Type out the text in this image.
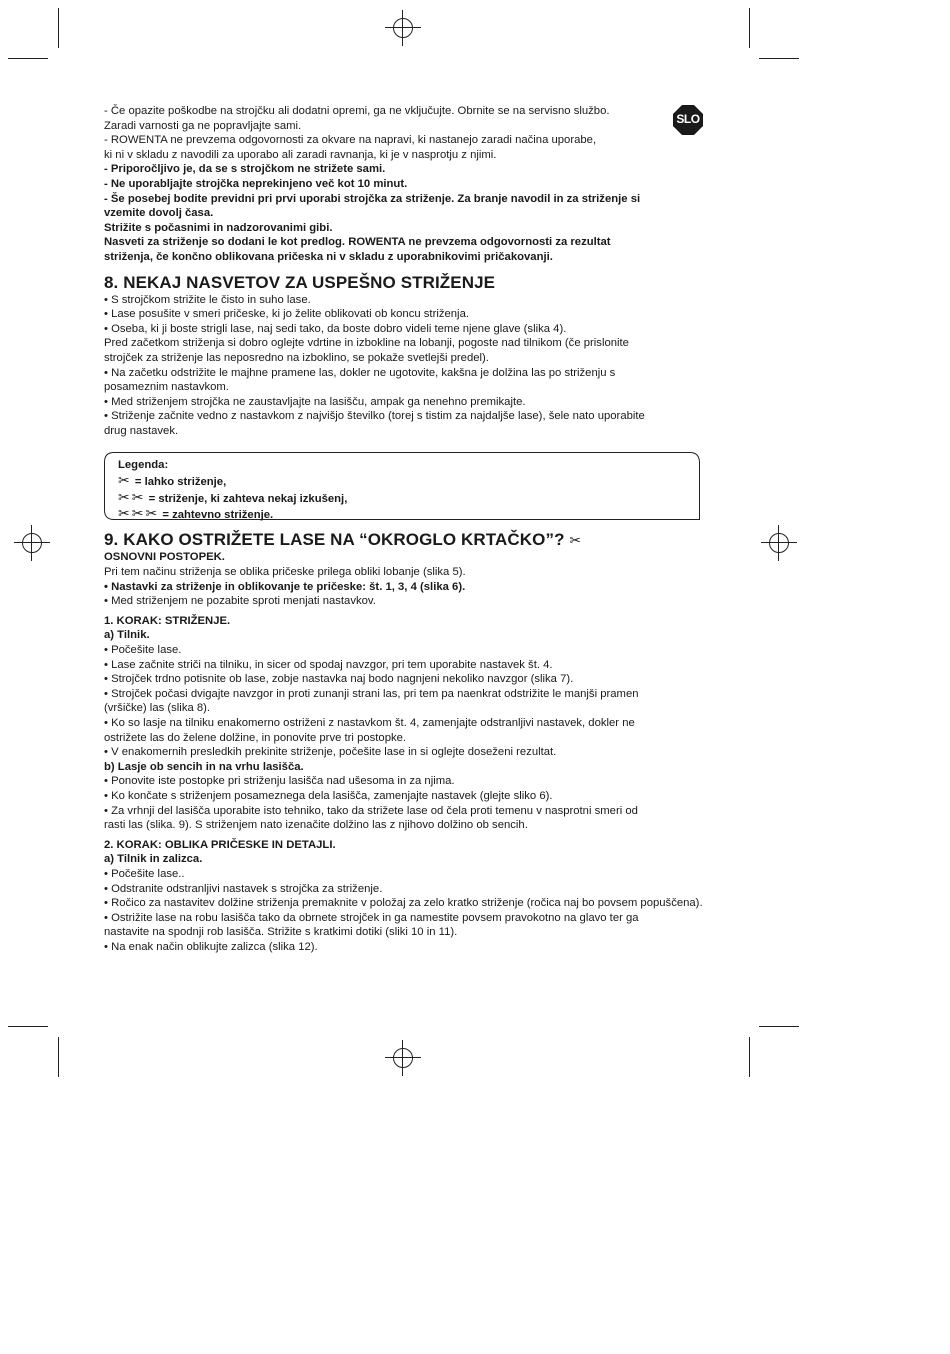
SLO

- Če opazite poškodbe na strojčku ali dodatni opremi, ga ne vključujte. Obrnite se na servisno službo.

Zaradi varnosti ga ne popravljajte sami.

- ROWENTA ne prevzema odgovornosti za okvare na napravi, ki nastanejo zaradi načina uporabe,

ki ni v skladu z navodili za uporabo ali zaradi ravnanja, ki je v nasprotju z njimi.

- Priporočljivo je, da se s strojčkom ne strižete sami.

- Ne uporabljajte strojčka neprekinjeno več kot 10 minut.

- Še posebej bodite previdni pri prvi uporabi strojčka za striženje. Za branje navodil in za striženje si

vzemite dovolj časa.

Strižite s počasnimi in nadzorovanimi gibi.

Nasveti za striženje so dodani le kot predlog. ROWENTA ne prevzema odgovornosti za rezultat

striženja, če končno oblikovana pričeska ni v skladu z uporabnikovimi pričakovanji.

8. NEKAJ NASVETOV ZA USPEŠNO STRIŽENJE

• S strojčkom strižite le čisto in suho lase.

• Lase posušite v smeri pričeske, ki jo želite oblikovati ob koncu striženja.

• Oseba, ki ji boste strigli lase, naj sedi tako, da boste dobro videli teme njene glave (slika 4).

Pred začetkom striženja si dobro oglejte vdrtine in izbokline na lobanji, pogoste nad tilnikom (če prislonite

strojček za striženje las neposredno na izboklino, se pokaže svetlejši predel).

• Na začetku odstrižite le majhne pramene las, dokler ne ugotovite, kakšna je dolžina las po striženju s

posameznim nastavkom.

• Med striženjem strojčka ne zaustavljajte na lasišču, ampak ga nenehno premikajte.

• Striženje začnite vedno z nastavkom z najvišjo številko (torej s tistim za najdaljše lase), šele nato uporabite

drug nastavek.

Legenda:

✂ = lahko striženje,

✂ ✂ = striženje, ki zahteva nekaj izkušenj,

✂ ✂ ✂ = zahtevno striženje.

9. KAKO OSTRIŽETE LASE NA “OKROGLO KRTAČKO”? ✂

OSNOVNI POSTOPEK.

Pri tem načinu striženja se oblika pričeske prilega obliki lobanje (slika 5).

• Nastavki za striženje in oblikovanje te pričeske: št. 1, 3, 4 (slika 6).

• Med striženjem ne pozabite sproti menjati nastavkov.

1. KORAK: STRIŽENJE.

a) Tilnik.

• Počešite lase.

• Lase začnite striči na tilniku, in sicer od spodaj navzgor, pri tem uporabite nastavek št. 4.

• Strojček trdno potisnite ob lase, zobje nastavka naj bodo nagnjeni nekoliko navzgor (slika 7).

• Strojček počasi dvigajte navzgor in proti zunanji strani las, pri tem pa naenkrat odstrižite le manjši pramen

(vršičke) las (slika 8).

• Ko so lasje na tilniku enakomerno ostriženi z nastavkom št. 4, zamenjajte odstranljivi nastavek, dokler ne

ostrižete las do želene dolžine, in ponovite prve tri postopke.

• V enakomernih presledkih prekinite striženje, počešite lase in si oglejte doseženi rezultat.

b) Lasje ob sencih in na vrhu lasišča.

• Ponovite iste postopke pri striženju lasišča nad ušesoma in za njima.

• Ko končate s striženjem posameznega dela lasišča, zamenjajte nastavek (glejte sliko 6).

• Za vrhnji del lasišča uporabite isto tehniko, tako da strižete lase od čela proti temenu v nasprotni smeri od

rasti las (slika. 9). S striženjem nato izenačite dolžino las z njihovo dolžino ob sencih.

2. KORAK: OBLIKA PRIČESKE IN DETAJLI.

a) Tilnik in zalizca.

• Počešite lase..

• Odstranite odstranljivi nastavek s strojčka za striženje.

• Ročico za nastavitev dolžine striženja premaknite v položaj za zelo kratko striženje (ročica naj bo povsem popuščena).

• Ostrižite lase na robu lasišča tako da obrnete strojček in ga namestite povsem pravokotno na glavo ter ga

nastavite na spodnji rob lasišča. Strižite s kratkimi dotiki (sliki 10 in 11).

• Na enak način oblikujte zalizca (slika 12).
